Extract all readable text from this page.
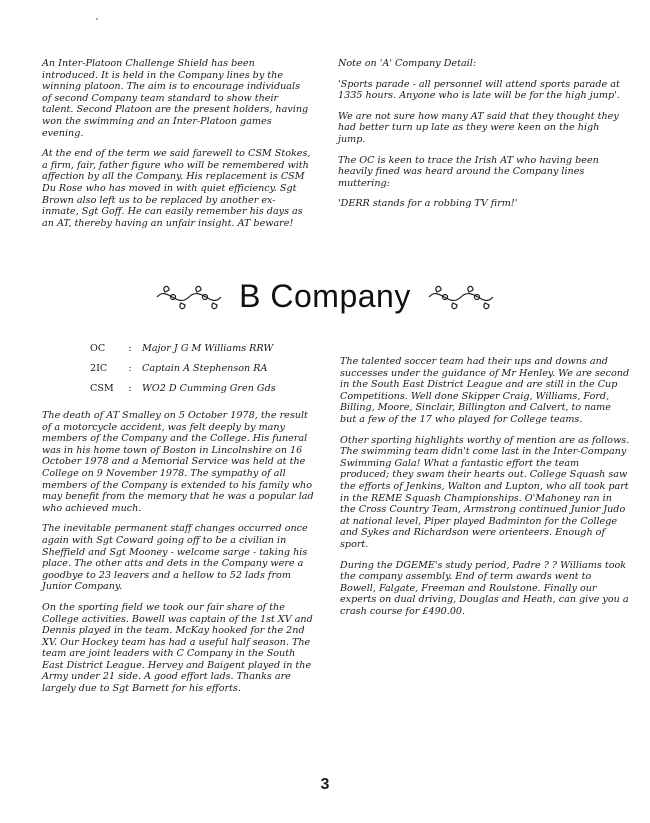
An Inter-Platoon Challenge Shield has been introduced. It is held in the Company lines by the winning platoon. The aim is to encourage individuals of second Company team standard to show their talent. Second Platoon are the present holders, having won the swimming and an Inter-Platoon games evening.

At the end of the term we said farewell to CSM Stokes, a firm, fair, father figure who will be remembered with affection by all the Company. His replacement is CSM Du Rose who has moved in with quiet efficiency. Sgt Brown also left us to be replaced by another ex-inmate, Sgt Goff. He can easily remember his days as an AT, thereby having an unfair insight. AT beware!

Note on 'A' Company Detail:

'Sports parade - all personnel will attend sports parade at 1335 hours. Anyone who is late will be for the high jump'.

We are not sure how many AT said that they thought they had better turn up late as they were keen on the high jump.

The OC is keen to trace the Irish AT who having been heavily fined was heard around the Company lines muttering:

'DERR stands for a robbing TV firm!'

B Company
OC	:	Major J G M Williams RRW
2IC	:	Captain A Stephenson RA
CSM	:	WO2 D Cumming Gren Gds

The death of AT Smalley on 5 October 1978, the result of a motorcycle accident, was felt deeply by many members of the Company and the College. His funeral was in his home town of Boston in Lincolnshire on 16 October 1978 and a Memorial Service was held at the College on 9 November 1978. The sympathy of all members of the Company is extended to his family who may benefit from the memory that he was a popular lad who achieved much.

The inevitable permanent staff changes occurred once again with Sgt Coward going off to be a civilian in Sheffield and Sgt Mooney - welcome sarge - taking his place. The other atts and dets in the Company were a goodbye to 23 leavers and a hellow to 52 lads from Junior Company.

On the sporting field we took our fair share of the College activities. Bowell was captain of the 1st XV and Dennis played in the team. McKay hooked for the 2nd XV. Our Hockey team has had a useful half season. The team are joint leaders with C Company in the South East District League. Hervey and Baigent played in the Army under 21 side. A good effort lads. Thanks are largely due to Sgt Barnett for his efforts.

The talented soccer team had their ups and downs and successes under the guidance of Mr Henley. We are second in the South East District League and are still in the Cup Competitions. Well done Skipper Craig, Williams, Ford, Billing, Moore, Sinclair, Billington and Calvert, to name but a few of the 17 who played for College teams.

Other sporting highlights worthy of mention are as follows. The swimming team didn't come last in the Inter-Company Swimming Gala! What a fantastic effort the team produced; they swam their hearts out. College Squash saw the efforts of Jenkins, Walton and Lupton, who all took part in the REME Squash Championships. O'Mahoney ran in the Cross Country Team, Armstrong continued Junior Judo at national level, Piper played Badminton for the College and Sykes and Richardson were orienteers. Enough of sport.

During the DGEME's study period, Padre ? ? Williams took the company assembly. End of term awards went to Bowell, Falgate, Freeman and Roulstone. Finally our experts on dual driving, Douglas and Heath, can give you a crash course for £490.00.

3
